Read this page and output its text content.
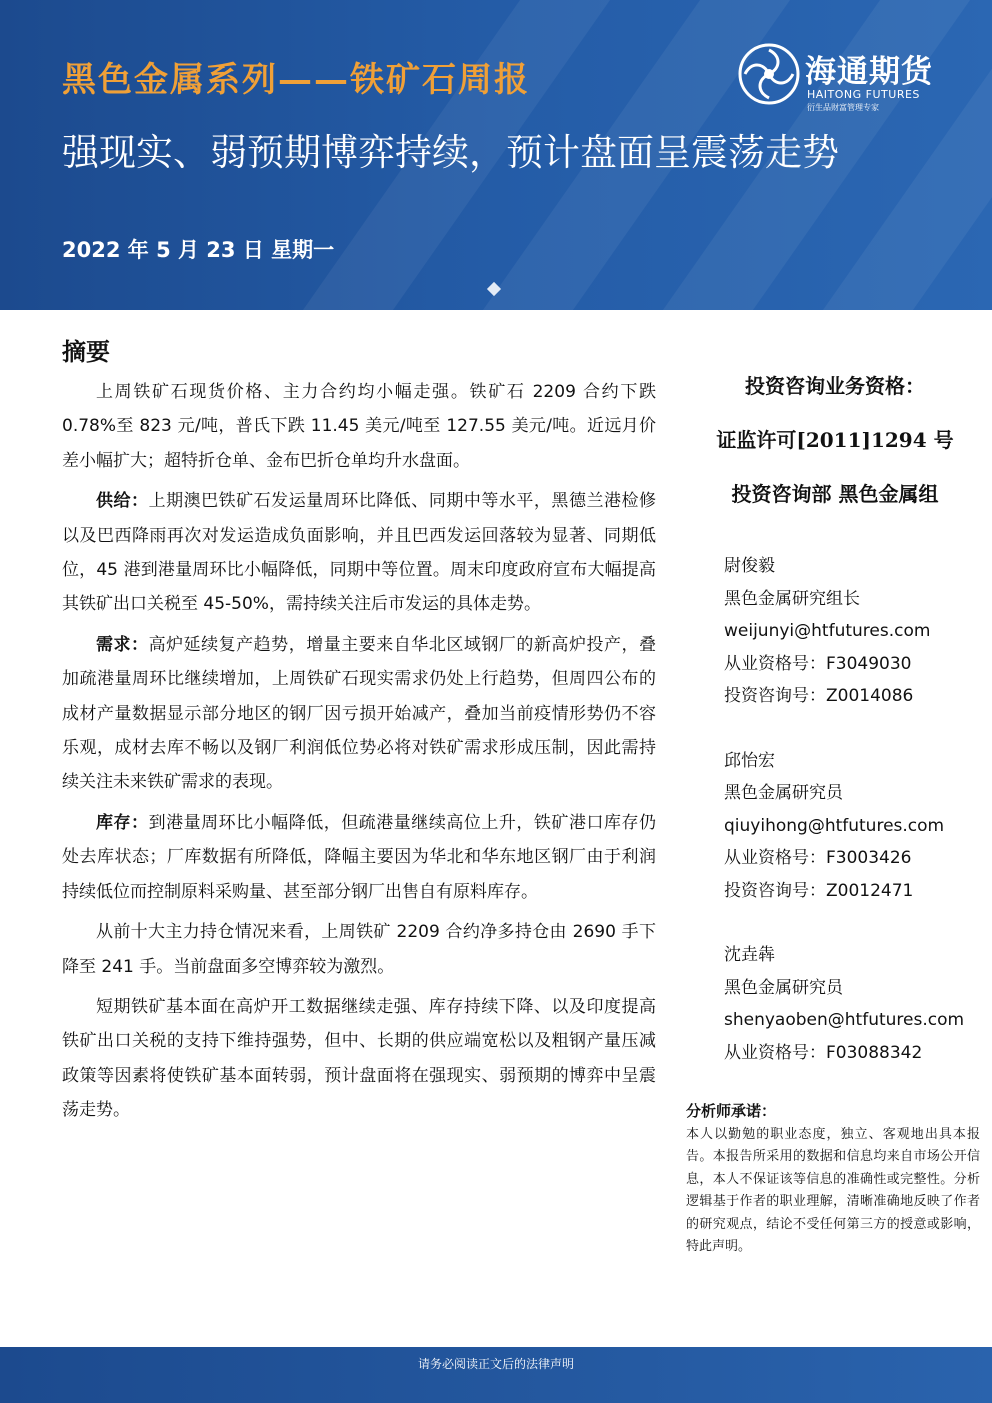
黑色金属系列——铁矿石周报
强现实、弱预期博弈持续，预计盘面呈震荡走势
2022 年 5 月 23 日 星期一
海通期货
HAITONG FUTURES
衍生品财富管理专家
摘要

上周铁矿石现货价格、主力合约均小幅走强。铁矿石 2209 合约下跌 0.78%至 823 元/吨，普氏下跌 11.45 美元/吨至 127.55 美元/吨。近远月价差小幅扩大；超特折仓单、金布巴折仓单均升水盘面。

供给：上期澳巴铁矿石发运量周环比降低、同期中等水平，黑德兰港检修以及巴西降雨再次对发运造成负面影响，并且巴西发运回落较为显著、同期低位，45 港到港量周环比小幅降低，同期中等位置。周末印度政府宣布大幅提高其铁矿出口关税至 45-50%，需持续关注后市发运的具体走势。

需求：高炉延续复产趋势，增量主要来自华北区域钢厂的新高炉投产，叠加疏港量周环比继续增加，上周铁矿石现实需求仍处上行趋势，但周四公布的成材产量数据显示部分地区的钢厂因亏损开始减产，叠加当前疫情形势仍不容乐观，成材去库不畅以及钢厂利润低位势必将对铁矿需求形成压制，因此需持续关注未来铁矿需求的表现。

库存：到港量周环比小幅降低，但疏港量继续高位上升，铁矿港口库存仍处去库状态；厂库数据有所降低，降幅主要因为华北和华东地区钢厂由于利润持续低位而控制原料采购量、甚至部分钢厂出售自有原料库存。

从前十大主力持仓情况来看，上周铁矿 2209 合约净多持仓由 2690 手下降至 241 手。当前盘面多空博弈较为激烈。

短期铁矿基本面在高炉开工数据继续走强、库存持续下降、以及印度提高铁矿出口关税的支持下维持强势，但中、长期的供应端宽松以及粗钢产量压减政策等因素将使铁矿基本面转弱，预计盘面将在强现实、弱预期的博弈中呈震荡走势。

投资咨询业务资格：
证监许可[2011]1294 号
投资咨询部 黑色金属组
尉俊毅
黑色金属研究组长
weijunyi@htfutures.com
从业资格号：F3049030
投资咨询号：Z0014086
邱怡宏
黑色金属研究员
qiuyihong@htfutures.com
从业资格号：F3003426
投资咨询号：Z0012471
沈垚犇
黑色金属研究员
shenyaoben@htfutures.com
从业资格号：F03088342
分析师承诺：
本人以勤勉的职业态度，独立、客观地出具本报告。本报告所采用的数据和信息均来自市场公开信息，本人不保证该等信息的准确性或完整性。分析逻辑基于作者的职业理解，清晰准确地反映了作者的研究观点，结论不受任何第三方的授意或影响，特此声明。
请务必阅读正文后的法律声明
